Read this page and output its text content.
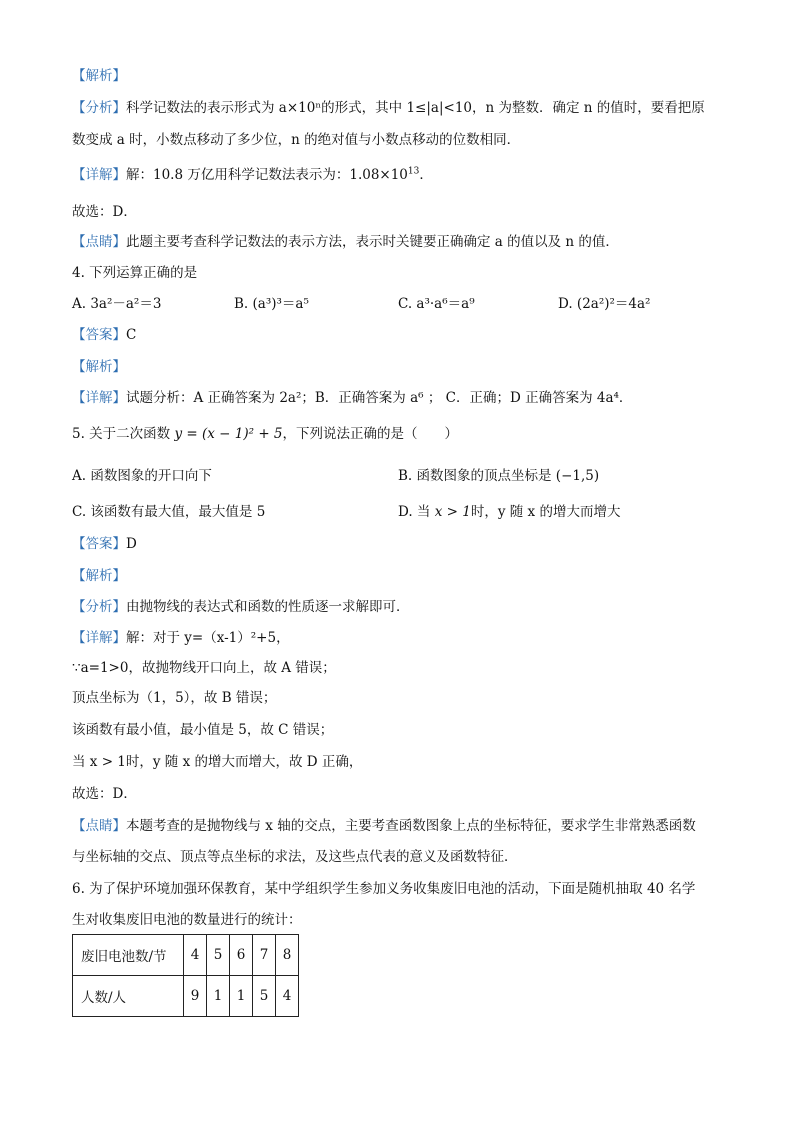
【解析】
【分析】科学记数法的表示形式为 a×10ⁿ的形式，其中 1≤|a|<10，n 为整数．确定 n 的值时，要看把原
数变成 a 时，小数点移动了多少位，n 的绝对值与小数点移动的位数相同．
【详解】解：10.8 万亿用科学记数法表示为：$1.08\times 10^{13}$．
故选：D．
【点睛】此题主要考查科学记数法的表示方法，表示时关键要正确确定 a 的值以及 n 的值．
4. 下列运算正确的是
A. 3a²－a²＝3	B. (a³)³＝a⁵	C. a³·a⁶＝a⁹	D. (2a²)²＝4a²
【答案】C
【解析】
【详解】试题分析：A 正确答案为 2a²；B．正确答案为 a⁶ ； C．正确；D 正确答案为 4a⁴．
5. 关于二次函数 y = (x − 1)² + 5，下列说法正确的是（　　）
A. 函数图象的开口向下	B. 函数图象的顶点坐标是 (−1,5)
C. 该函数有最大值，最大值是 5	D. 当 x > 1时，y 随 x 的增大而增大
【答案】D
【解析】
【分析】由抛物线的表达式和函数的性质逐一求解即可．
【详解】解：对于 y=（x-1）²+5，
∵a=1>0，故抛物线开口向上，故 A 错误；
顶点坐标为（1，5），故 B 错误；
该函数有最小值，最小值是 5，故 C 错误；
当 x > 1时，y 随 x 的增大而增大，故 D 正确，
故选：D．
【点睛】本题考查的是抛物线与 x 轴的交点，主要考查函数图象上点的坐标特征，要求学生非常熟悉函数
与坐标轴的交点、顶点等点坐标的求法，及这些点代表的意义及函数特征．
6. 为了保护环境加强环保教育，某中学组织学生参加义务收集废旧电池的活动，下面是随机抽取 40 名学
生对收集废旧电池的数量进行的统计：
废旧电池数/节	4	5	6	7	8
人数/人	9	1	1	5	4
